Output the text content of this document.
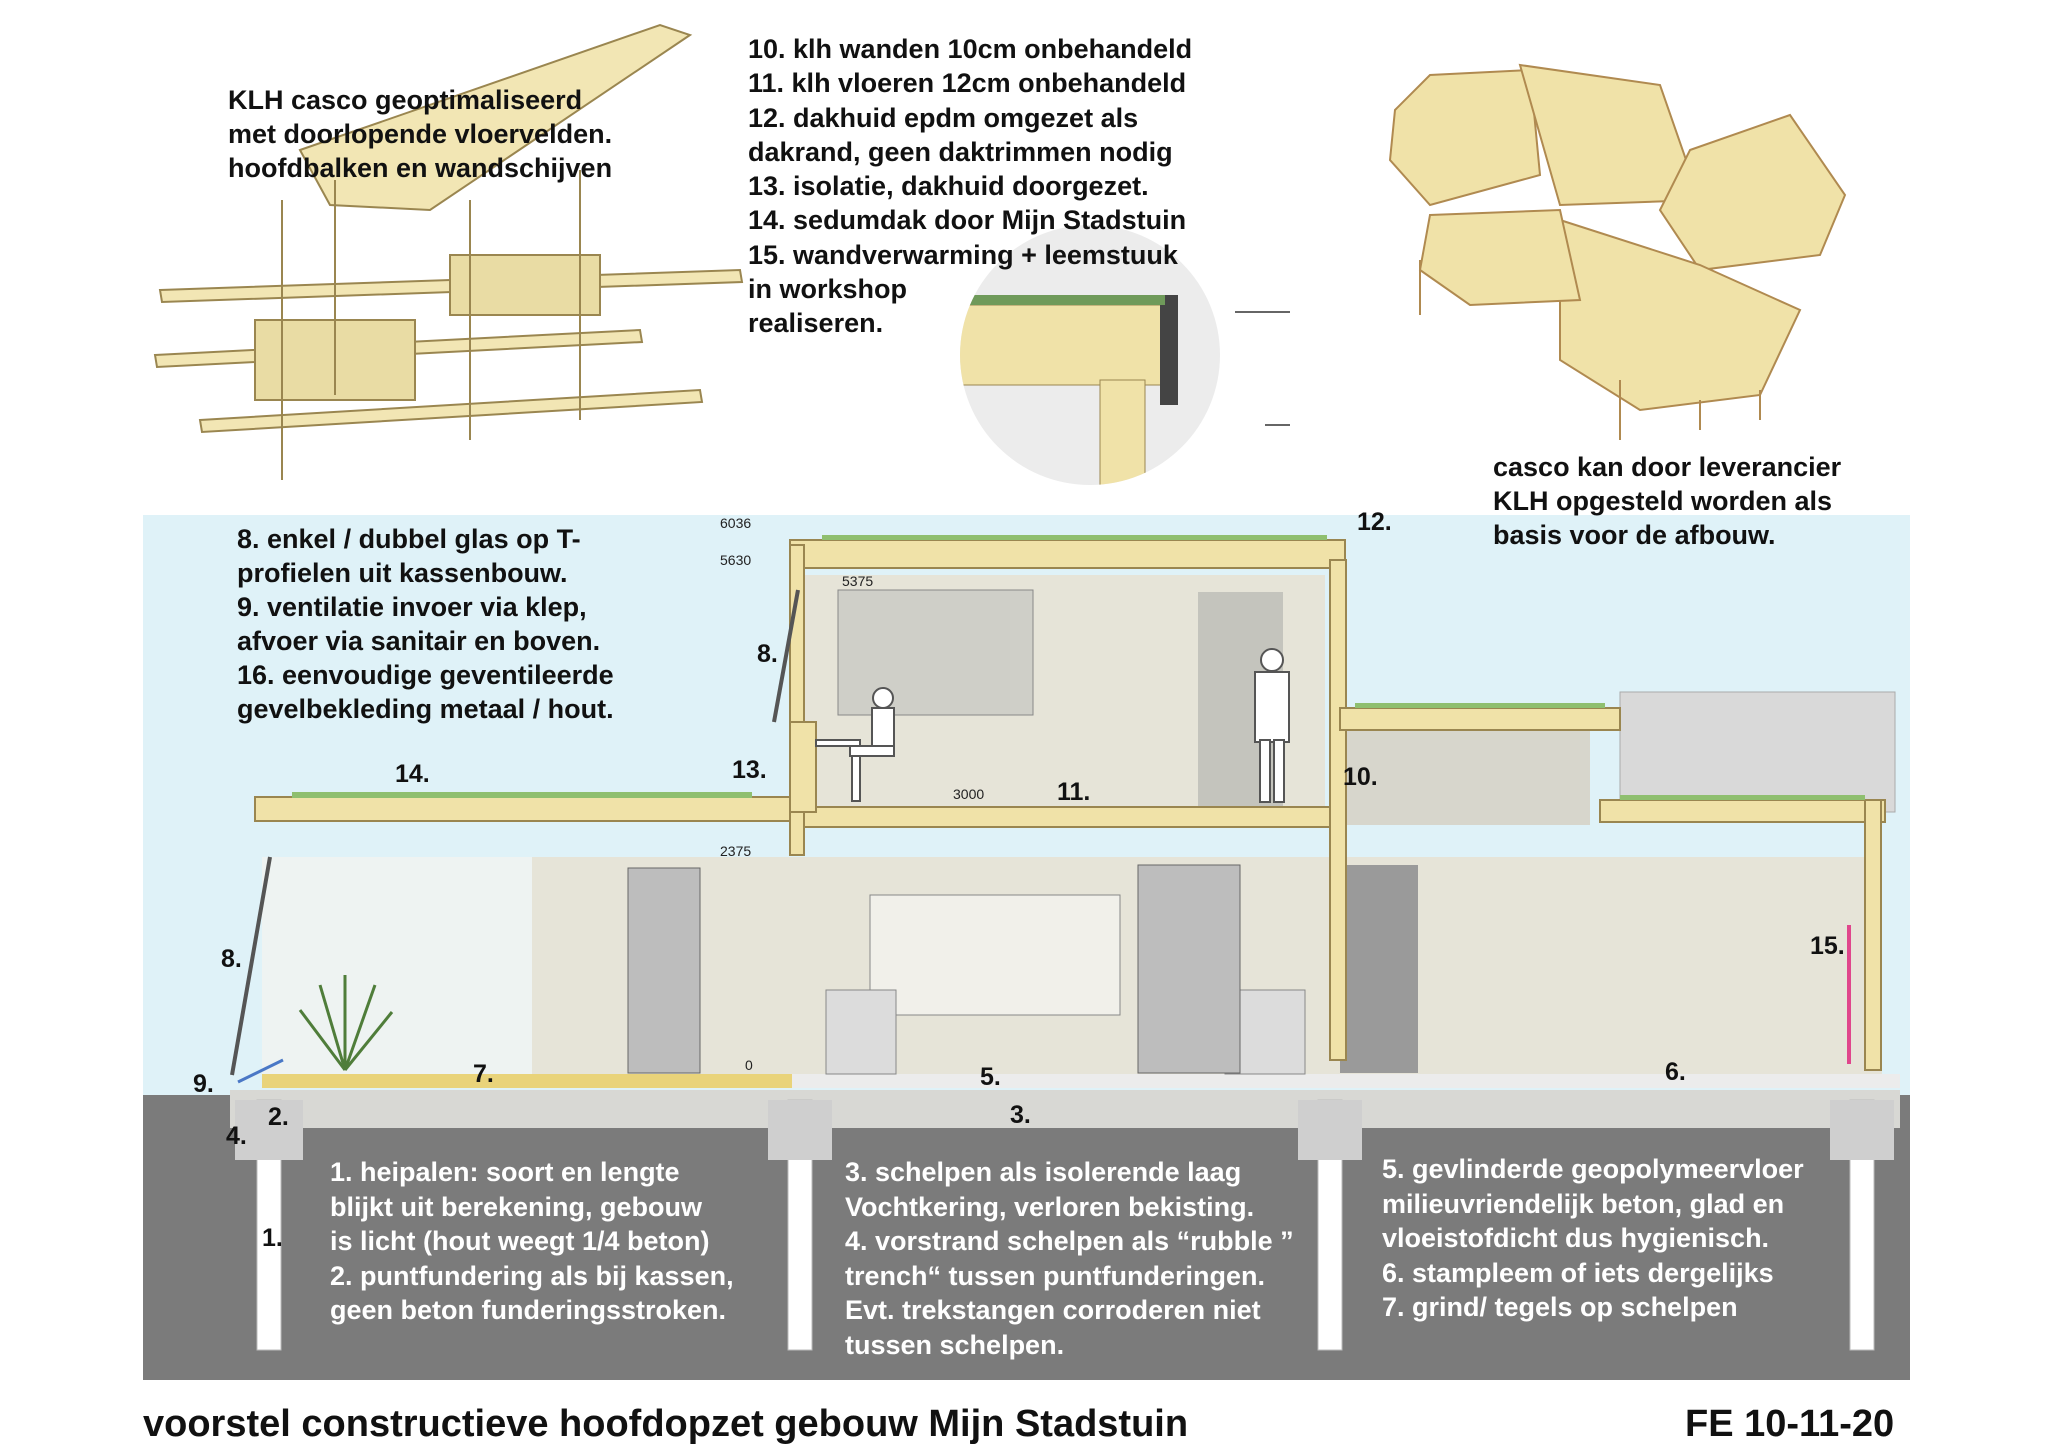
KLH casco geoptimaliseerd
met doorlopende vloervelden.
hoofdbalken en wandschijven
10. klh wanden 10cm onbehandeld
11. klh vloeren 12cm onbehandeld
12. dakhuid epdm omgezet als
dakrand, geen daktrimmen nodig
13. isolatie, dakhuid doorgezet.
14. sedumdak door Mijn Stadstuin
15. wandverwarming + leemstuuk
in workshop
realiseren.
casco kan door leverancier
KLH opgesteld worden als
basis voor de afbouw.
8. enkel / dubbel glas op T-
profielen uit kassenbouw.
9. ventilatie invoer via klep,
afvoer via sanitair en boven.
16. eenvoudige geventileerde
gevelbekleding metaal / hout.
1. heipalen: soort en lengte
blijkt uit berekening, gebouw
is licht (hout weegt 1/4 beton)
2. puntfundering als bij kassen,
geen beton funderingsstroken.
3. schelpen als isolerende laag
Vochtkering, verloren bekisting.
4. vorstrand schelpen als “rubble ”
trench“ tussen puntfunderingen.
Evt. trekstangen corroderen niet
tussen schelpen.
5. gevlinderde geopolymeervloer
milieuvriendelijk beton, glad en
vloeistofdicht dus hygienisch.
6. stampleem of iets dergelijks
7. grind/ tegels op schelpen
1.
2.	3.
4.
5.	6.
7.
8.
8.
9.
10.
11.
12.
13.
14.
15.
6036
5630
5375
3000
2375
0
voorstel constructieve hoofdopzet gebouw Mijn Stadstuin	FE 10-11-20
